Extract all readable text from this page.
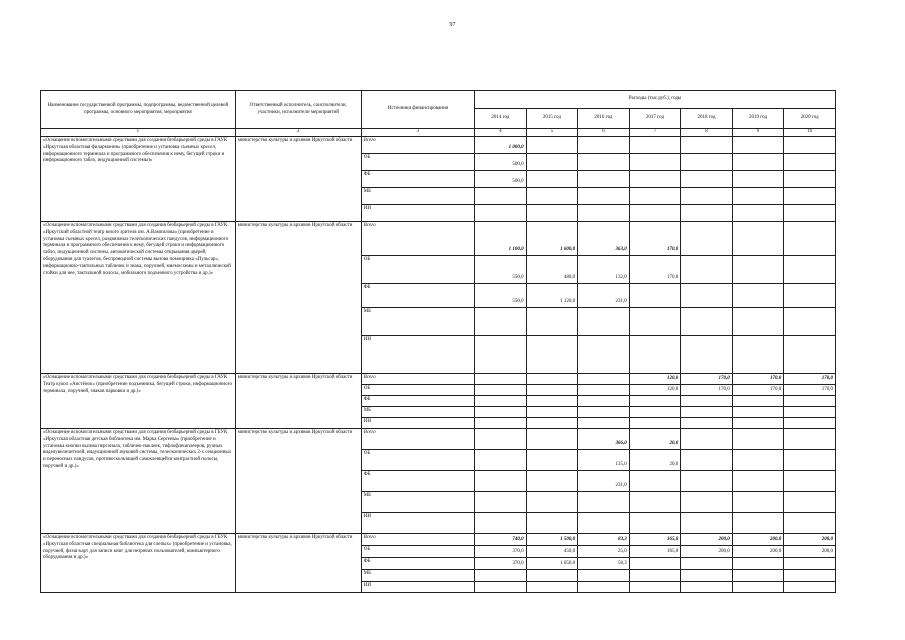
97
Наименование государственной программы, подпрограммы, ведомственной целевой программы, основного мероприятия, мероприятия	Ответственный исполнитель, соисполнители, участники, исполнители мероприятий	Источники финансирования	Расходы (тыс.руб.), годы						
			2014 год	2015 год	2016 год	2017 год	2018 год	2019 год	2020 год
1	2	3	4	5	6	7	8	9	10
«Оснащение вспомогательными средствами для создания безбарьерной среды в ГАУК «Иркутская областная филармония» (приобретение и установка съемных кресел, информационного терминала и программного обеспечения к нему, бегущей строки и информационного табло, индукционной системы)»	министерство культуры и архивов Иркутской области	Всего	1 000,0						
		ОБ	500,0						
		ФБ	500,0						
		МБ							
		ИИ							
«Оснащение вспомогательными средствами для создания безбарьерной среды в ГАУК «Иркутский областной театр юного зрителя им. А.Вампилова» (приобретение и установка съемных кресел, раздвижных телескопических пандусов, информационного терминала и программного обеспечения к нему, бегущей строки и информационного табло, индукционной системы, автоматической системы открывания дверей, оборудования для туалетов, беспроводной системы вызова помощника «Пульсар», информационно-тактильных табличек и знака, поручней, мнемосхемы и металлической стойки для нее, тактильной полосы, мобильного подъемного устройства и др.)»	министерство культуры и архивов Иркутской области	Всего	1 100,0	1 600,0	363,0	170,0			
		ОБ	550,0	480,0	132,0	170,0			
		ФБ	550,0	1 120,0	231,0				
		МБ							
		ИИ							
«Оснащение вспомогательными средствами для создания безбарьерной среды в ГАУК Театр кукол «Аистёнок» (приобретение подъемника, бегущей строки, информационного терминала, поручней, знаков парковки и др.)»	министерство культуры и архивов Иркутской области	Всего				120,0	170,0	170,0	170,0
		ОБ				120,0	170,0	170,0	170,0
		ФБ							
		МБ							
		ИИ							
«Оснащение вспомогательными средствами для создания безбарьерной среды в ГБУК «Иркутская областная детская библиотека им. Марка Сергеева» (приобретение и установка кнопки вызова персонала, табличек-наклеек, тифлофлешплееров, ручных видеоувеличителей, индукционной звуковой системы, телескопических 2-х секционных и переносных пандусов, противоскользящей самоклеящейся контрастной полосы, поручней и др.)»	министерство культуры и архивов Иркутской области	Всего			366,0	20,0			
		ОБ			135,0	20,0			
		ФБ			231,0				
		МБ							
		ИИ							
«Оснащение вспомогательными средствами для создания безбарьерной среды в ГБУК «Иркутская областная специальная библиотека для слепых» (приобретение и установка, поручней, флэш-карт для записи книг для незрячих пользователей, компьютерного оборудования и др.)»	министерство культуры и архивов Иркутской области	Всего	740,0	1 500,0	83,3	165,0	200,0	200,0	200,0
		ОБ	370,0	450,0	25,0	165,0	200,0	200,0	200,0
		ФБ	370,0	1 050,0	58,3				
		МБ							
		ИИ							
